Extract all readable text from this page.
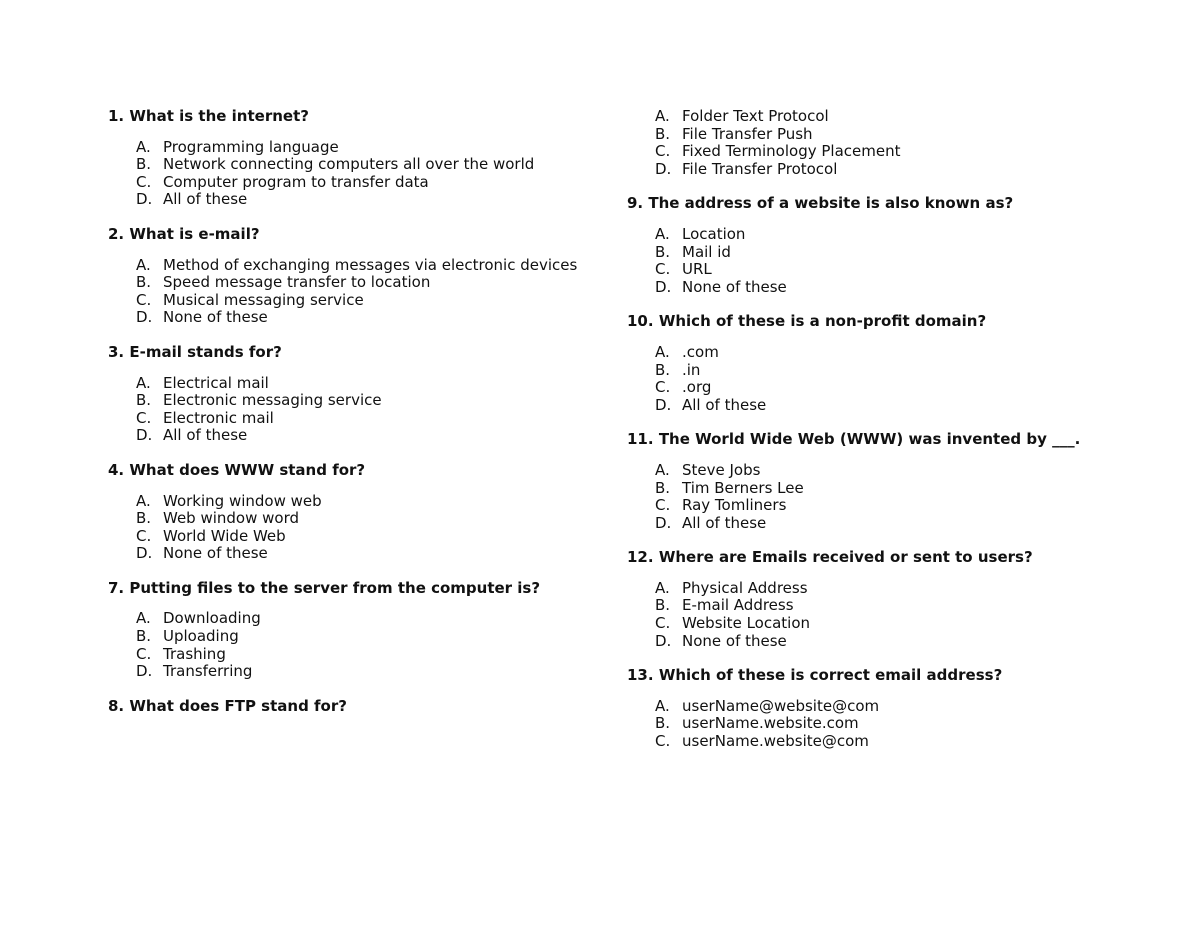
1. What is the internet?

A. Programming language
B. Network connecting computers all over the world
C. Computer program to transfer data
D. All of these

2. What is e-mail?

A. Method of exchanging messages via electronic devices
B. Speed message transfer to location
C. Musical messaging service
D. None of these

3. E-mail stands for?

A. Electrical mail
B. Electronic messaging service
C. Electronic mail
D. All of these

4. What does WWW stand for?

A. Working window web
B. Web window word
C. World Wide Web
D. None of these

7. Putting files to the server from the computer is?

A. Downloading
B. Uploading
C. Trashing
D. Transferring

8. What does FTP stand for?

A. Folder Text Protocol
B. File Transfer Push
C. Fixed Terminology Placement
D. File Transfer Protocol

9. The address of a website is also known as?

A. Location
B. Mail id
C. URL
D. None of these

10. Which of these is a non-profit domain?

A. .com
B. .in
C. .org
D. All of these

11. The World Wide Web (WWW) was invented by ___.

A. Steve Jobs
B. Tim Berners Lee
C. Ray Tomliners
D. All of these

12. Where are Emails received or sent to users?

A. Physical Address
B. E-mail Address
C. Website Location
D. None of these

13. Which of these is correct email address?

A. userName@website@com
B. userName.website.com
C. userName.website@com
